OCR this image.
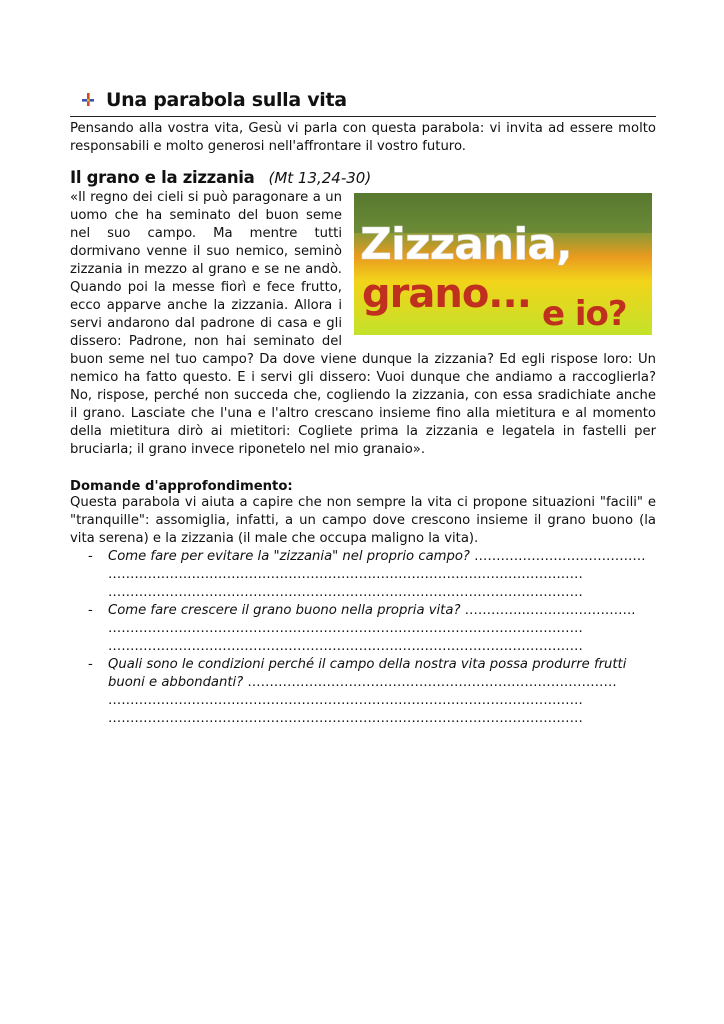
Una parabola sulla vita

Pensando alla vostra vita, Gesù vi parla con questa parabola: vi invita ad essere molto responsabili e molto generosi nell'affrontare il vostro futuro.

Il grano e la zizzania (Mt 13,24-30)
Zizzania,
grano... e io?

«Il regno dei cieli si può paragonare a un uomo che ha seminato del buon seme nel suo campo. Ma mentre tutti dormivano venne il suo nemico, seminò zizzania in mezzo al grano e se ne andò. Quando poi la messe fiorì e fece frutto, ecco apparve anche la zizzania. Allora i servi andarono dal padrone di casa e gli dissero: Padrone, non hai seminato del buon seme nel tuo campo? Da dove viene dunque la zizzania? Ed egli rispose loro: Un nemico ha fatto questo. E i servi gli dissero: Vuoi dunque che andiamo a raccoglierla? No, rispose, perché non succeda che, cogliendo la zizzania, con essa sradichiate anche il grano. Lasciate che l'una e l'altro crescano insieme fino alla mietitura e al momento della mietitura dirò ai mietitori: Cogliete prima la zizzania e legatela in fastelli per bruciarla; il grano invece riponetelo nel mio granaio».

Domande d'approfondimento:

Questa parabola vi aiuta a capire che non sempre la vita ci propone situazioni "facili" e "tranquille": assomiglia, infatti, a un campo dove crescono insieme il grano buono (la vita serena) e la zizzania (il male che occupa maligno la vita).

- Come fare per evitare la "zizzania" nel proprio campo? …………………………………
………………………………………………………………………………………………
………………………………………………………………………………………………
- Come fare crescere il grano buono nella propria vita? …………..…………………….
………………………………………………………………………………………………
………………………………………………………………………………………………
- Quali sono le condizioni perché il campo della nostra vita possa produrre frutti buoni e abbondanti? …………………………………………………………………………
………………………………………………………………………………………………
………………………………………………………………………………………………
